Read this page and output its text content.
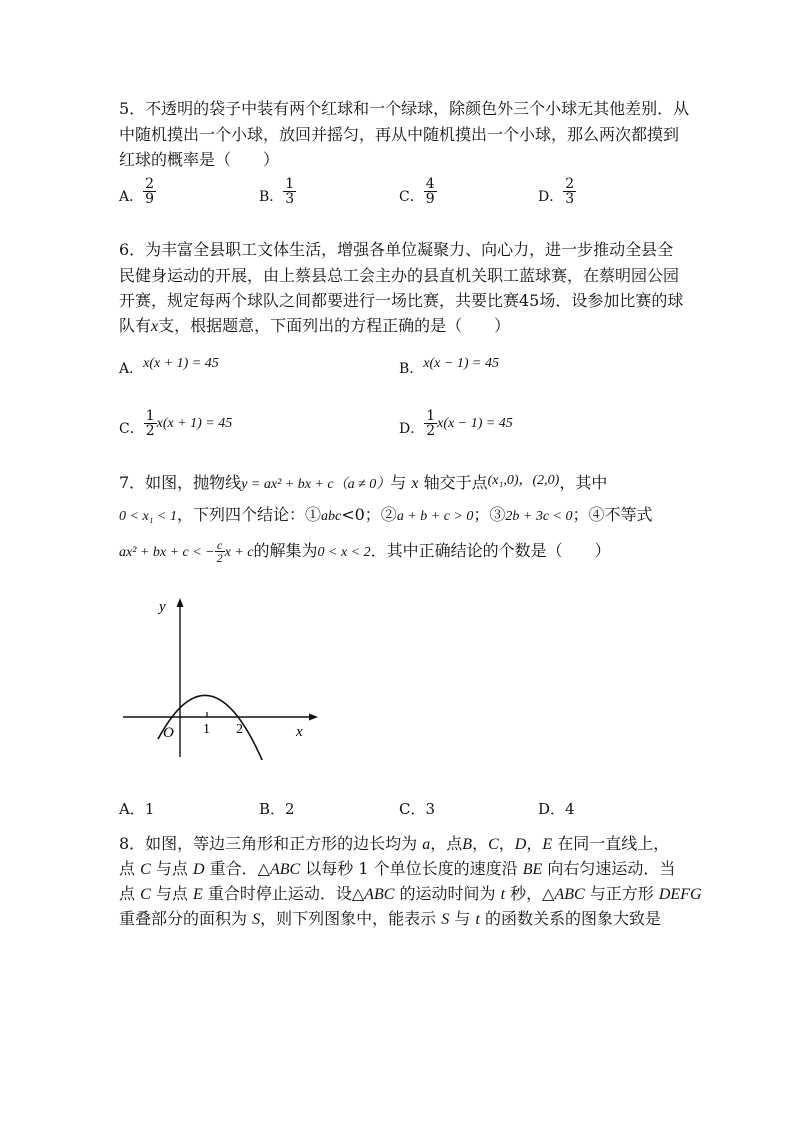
5．不透明的袋子中装有两个红球和一个绿球，除颜色外三个小球无其他差别．从
中随机摸出一个小球，放回并摇匀，再从中随机摸出一个小球，那么两次都摸到
红球的概率是（　　）
A． $\frac{2}{9}$	B． $\frac{1}{3}$	C． $\frac{4}{9}$	D． $\frac{2}{3}$
6．为丰富全县职工文体生活，增强各单位凝聚力、向心力，进一步推动全县全
民健身运动的开展，由上蔡县总工会主办的县直机关职工蓝球赛，在蔡明园公园
开赛，规定每两个球队之间都要进行一场比赛，共要比赛45场．设参加比赛的球
队有x支，根据题意，下面列出的方程正确的是（　　）
A．x(x + 1) = 45	B．x(x − 1) = 45
C． $\frac{1}{2} x(x + 1) = 45$	D． $\frac{1}{2} x(x - 1) = 45$
7．如图，抛物线y = ax² + bx + c（a ≠ 0）与 x 轴交于点(x₁,0)，(2,0)，其中
0 < x₁ < 1，下列四个结论：①abc<0；②a + b + c > 0；③2b + 3c < 0；④不等式
ax² + bx + c < − $\frac{c}{2}$ x + c的解集为0 < x < 2．其中正确结论的个数是（　　）
y
x
O 1 2
A．1	B．2	C．3	D．4
8．如图，等边三角形和正方形的边长均为 a，点B，C，D，E 在同一直线上，
点 C 与点 D 重合．△ABC 以每秒 1 个单位长度的速度沿 BE 向右匀速运动．当
点 C 与点 E 重合时停止运动．设△ABC 的运动时间为 t 秒，△ABC 与正方形 DEFG
重叠部分的面积为 S，则下列图象中，能表示 S 与 t 的函数关系的图象大致是
